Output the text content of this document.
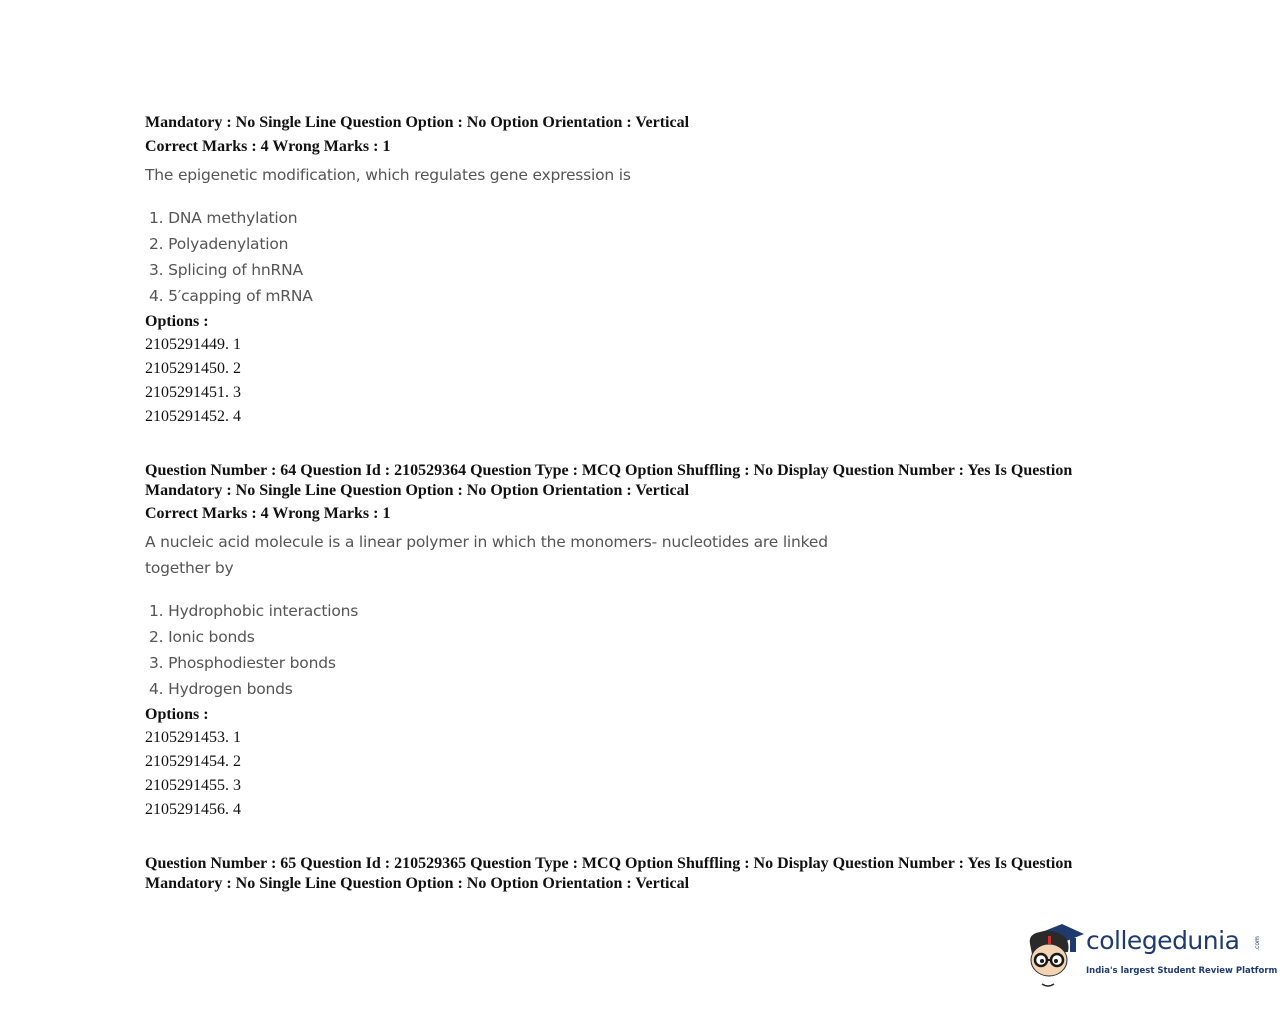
Mandatory : No Single Line Question Option : No Option Orientation : Vertical
Correct Marks : 4 Wrong Marks : 1
The epigenetic modification, which regulates gene expression is
1. DNA methylation
2. Polyadenylation
3. Splicing of hnRNA
4. 5′capping of mRNA
Options :
2105291449. 1
2105291450. 2
2105291451. 3
2105291452. 4
Question Number : 64 Question Id : 210529364 Question Type : MCQ Option Shuffling : No Display Question Number : Yes Is Question
Mandatory : No Single Line Question Option : No Option Orientation : Vertical
Correct Marks : 4 Wrong Marks : 1
A nucleic acid molecule is a linear polymer in which the monomers- nucleotides are linked
together by
1. Hydrophobic interactions
2. Ionic bonds
3. Phosphodiester bonds
4. Hydrogen bonds
Options :
2105291453. 1
2105291454. 2
2105291455. 3
2105291456. 4
Question Number : 65 Question Id : 210529365 Question Type : MCQ Option Shuffling : No Display Question Number : Yes Is Question
Mandatory : No Single Line Question Option : No Option Orientation : Vertical
collegedunia .com
India's largest Student Review Platform
